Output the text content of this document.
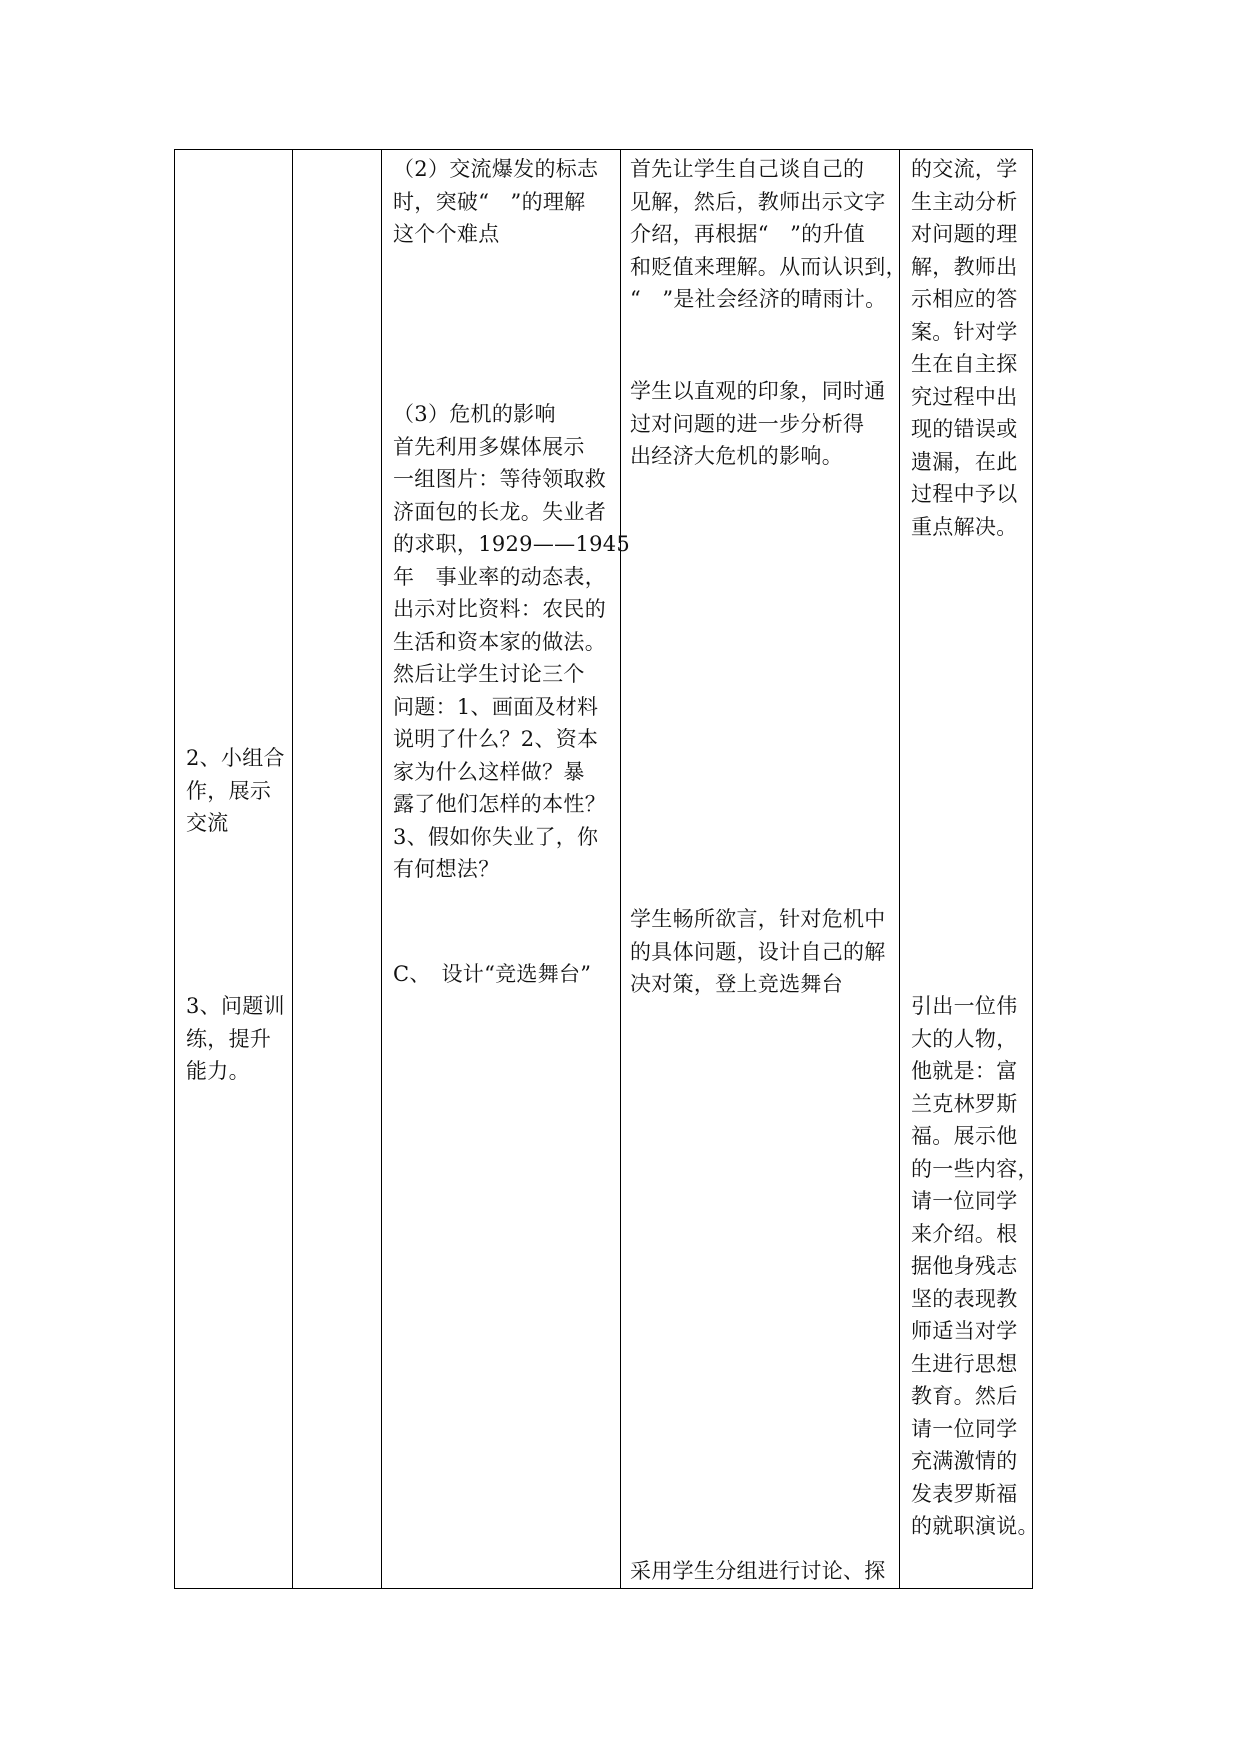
2、小组合
作，展示
交流
3、问题训
练，提升
能力。
（2）交流爆发的标志
时，突破“　”的理解
这个个难点
（3）危机的影响
首先利用多媒体展示
一组图片：等待领取救
济面包的长龙。失业者
的求职，1929——1945
年　事业率的动态表，
出示对比资料：农民的
生活和资本家的做法。
然后让学生讨论三个
问题：1、画面及材料
说明了什么？2、资本
家为什么这样做？暴
露了他们怎样的本性？
3、假如你失业了，你
有何想法？
C、　设计“竞选舞台”
首先让学生自己谈自己的
见解，然后，教师出示文字
介绍，再根据“　”的升值
和贬值来理解。从而认识到，
“　”是社会经济的晴雨计。
学生以直观的印象，同时通
过对问题的进一步分析得
出经济大危机的影响。
学生畅所欲言，针对危机中
的具体问题，设计自己的解
决对策，登上竞选舞台
采用学生分组进行讨论、探
的交流，学
生主动分析
对问题的理
解，教师出
示相应的答
案。针对学
生在自主探
究过程中出
现的错误或
遗漏，在此
过程中予以
重点解决。
引出一位伟
大的人物，
他就是：富
兰克林罗斯
福。展示他
的一些内容，
请一位同学
来介绍。根
据他身残志
坚的表现教
师适当对学
生进行思想
教育。然后
请一位同学
充满激情的
发表罗斯福
的就职演说。
